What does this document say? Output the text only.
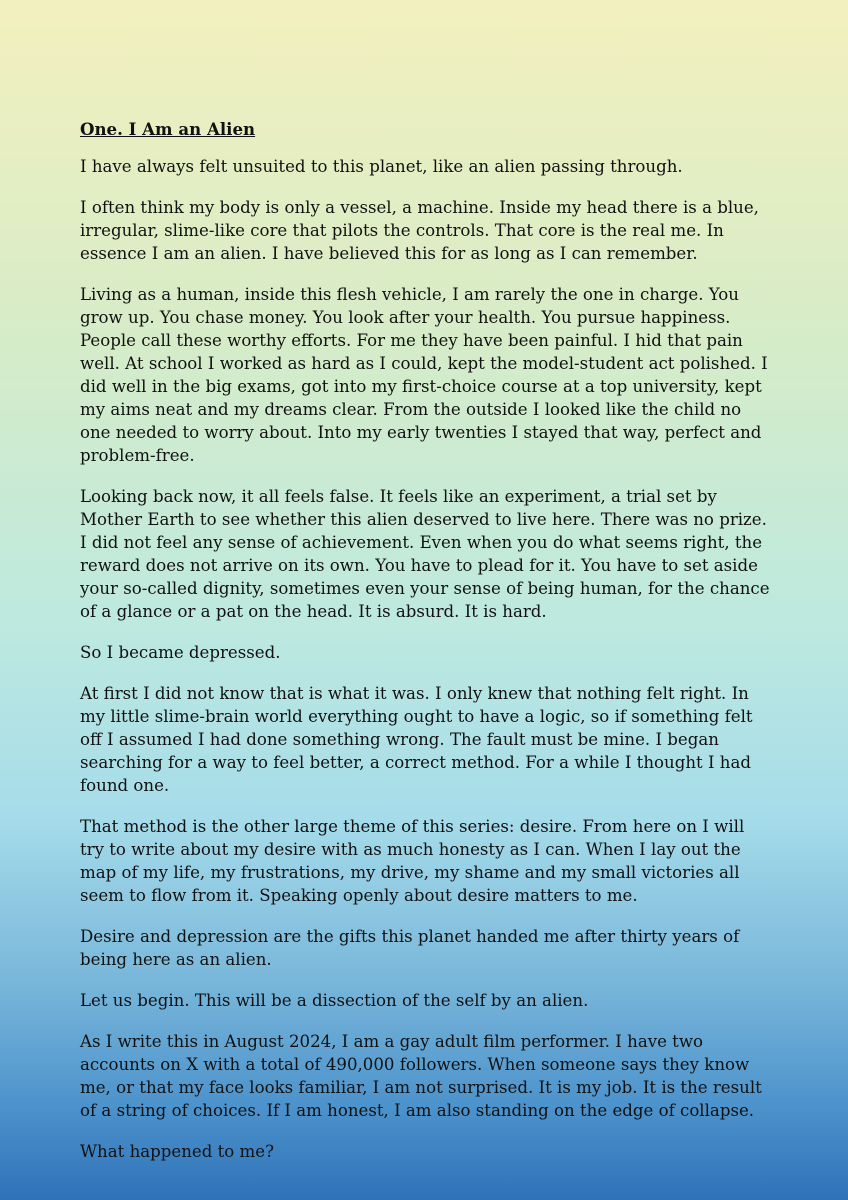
One. I Am an Alien

I have always felt unsuited to this planet, like an alien passing through.

I often think my body is only a vessel, a machine. Inside my head there is a blue, irregular, slime-like core that pilots the controls. That core is the real me. In essence I am an alien. I have believed this for as long as I can remember.

Living as a human, inside this flesh vehicle, I am rarely the one in charge. You grow up. You chase money. You look after your health. You pursue happiness. People call these worthy efforts. For me they have been painful. I hid that pain well. At school I worked as hard as I could, kept the model-student act polished. I did well in the big exams, got into my first-choice course at a top university, kept my aims neat and my dreams clear. From the outside I looked like the child no one needed to worry about. Into my early twenties I stayed that way, perfect and problem-free.

Looking back now, it all feels false. It feels like an experiment, a trial set by Mother Earth to see whether this alien deserved to live here. There was no prize. I did not feel any sense of achievement. Even when you do what seems right, the reward does not arrive on its own. You have to plead for it. You have to set aside your so-called dignity, sometimes even your sense of being human, for the chance of a glance or a pat on the head. It is absurd. It is hard.

So I became depressed.

At first I did not know that is what it was. I only knew that nothing felt right. In my little slime-brain world everything ought to have a logic, so if something felt off I assumed I had done something wrong. The fault must be mine. I began searching for a way to feel better, a correct method. For a while I thought I had found one.

That method is the other large theme of this series: desire. From here on I will try to write about my desire with as much honesty as I can. When I lay out the map of my life, my frustrations, my drive, my shame and my small victories all seem to flow from it. Speaking openly about desire matters to me.

Desire and depression are the gifts this planet handed me after thirty years of being here as an alien.

Let us begin. This will be a dissection of the self by an alien.

As I write this in August 2024, I am a gay adult film performer. I have two accounts on X with a total of 490,000 followers. When someone says they know me, or that my face looks familiar, I am not surprised. It is my job. It is the result of a string of choices. If I am honest, I am also standing on the edge of collapse.

What happened to me?
